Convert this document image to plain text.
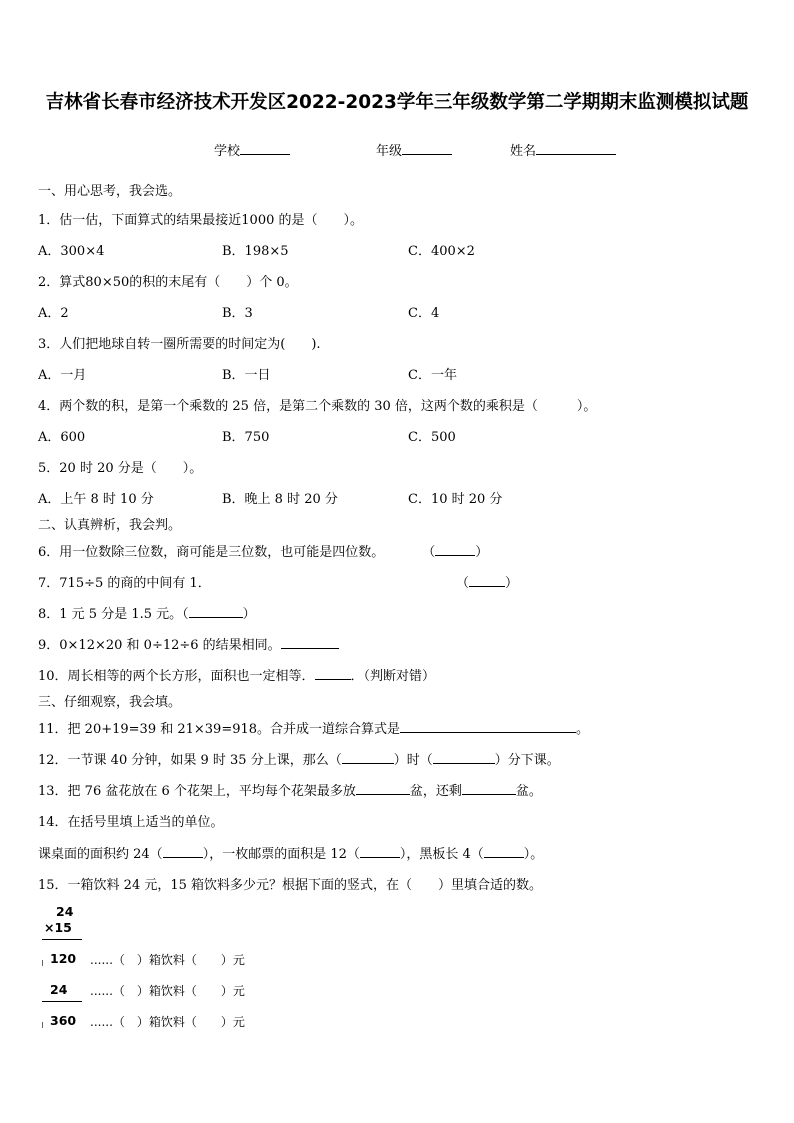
吉林省长春市经济技术开发区2022-2023学年三年级数学第二学期期末监测模拟试题
学校	年级	姓名
一、用心思考，我会选。
1．估一估，下面算式的结果最接近1000 的是（　　）。
A．300×4	B．198×5	C．400×2
2．算式80×50的积的末尾有（　　）个 0。
A．2	B．3	C．4
3．人们把地球自转一圈所需要的时间定为(　　).
A．一月	B．一日	C．一年
4．两个数的积，是第一个乘数的 25 倍，是第二个乘数的 30 倍，这两个数的乘积是（　　　）。
A．600	B．750	C．500
5．20 时 20 分是（　　）。
A．上午 8 时 10 分	B．晚上 8 时 20 分	C．10 时 20 分
二、认真辨析，我会判。
6．用一位数除三位数，商可能是三位数，也可能是四位数。	（	）
7．715÷5 的商的中间有 1．	（	）
8．1 元 5 分是 1.5 元。（	）
9．0×12×20 和 0÷12÷6 的结果相同。
10．周长相等的两个长方形，面积也一定相等．	．（判断对错）
三、仔细观察，我会填。
11．把 20+19=39 和 21×39=918。合并成一道综合算式是	。
12．一节课 40 分钟，如果 9 时 35 分上课，那么（	）时（	）分下课。
13．把 76 盆花放在 6 个花架上，平均每个花架最多放	盆，还剩	盆。
14．在括号里填上适当的单位。
课桌面的面积约 24（	），一枚邮票的面积是 12（	），黑板长 4（	）。
15．一箱饮料 24 元，15 箱饮料多少元？根据下面的竖式，在（　　）里填合适的数。
24
×15
120 ......（　）箱饮料（　　）元
24 ......（　）箱饮料（　　）元
360 ......（　）箱饮料（　　）元
